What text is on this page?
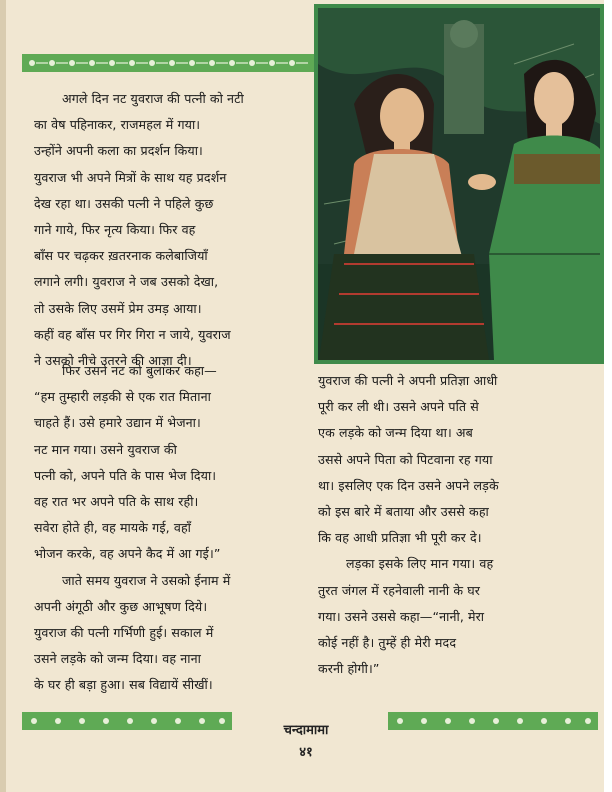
अगले दिन नट युवराज की पत्नी को नटी

का वेष पहिनाकर, राजमहल में गया।

उन्होंने अपनी कला का प्रदर्शन किया।

युवराज भी अपने मित्रों के साथ यह प्रदर्शन

देख रहा था। उसकी पत्नी ने पहिले कुछ

गाने गाये, फिर नृत्य किया। फिर वह

बाँस पर चढ़कर ख़तरनाक कलेबाजियाँ

लगाने लगी। युवराज ने जब उसको देखा,

तो उसके लिए उसमें प्रेम उमड़ आया।

कहीं वह बाँस पर गिर गिरा न जाये, युवराज

ने उसको नीचे उतरने की आज्ञा दी।

फिर उसने नट को बुलाकर कहा—

“हम तुम्हारी लड़की से एक रात मिताना

चाहते हैं। उसे हमारे उद्यान में भेजना।

नट मान गया। उसने युवराज की

पत्नी को, अपने पति के पास भेज दिया।

वह रात भर अपने पति के साथ रही।

सवेरा होते ही, वह मायके गई, वहाँ

भोजन करके, वह अपने कैद में आ गई।”

जाते समय युवराज ने उसको ईनाम में

अपनी अंगूठी और कुछ आभूषण दिये।

युवराज की पत्नी गर्भिणी हुई। सकाल में

उसने लड़के को जन्म दिया। वह नाना

के घर ही बड़ा हुआ। सब विद्यायें सीखीं।

युवराज की पत्नी ने अपनी प्रतिज्ञा आधी

पूरी कर ली थी। उसने अपने पति से

एक लड़के को जन्म दिया था। अब

उससे अपने पिता को पिटवाना रह गया

था। इसलिए एक दिन उसने अपने लड़के

को इस बारे में बताया और उससे कहा

कि वह आधी प्रतिज्ञा भी पूरी कर दे।

लड़का इसके लिए मान गया। वह

तुरत जंगल में रहनेवाली नानी के घर

गया। उसने उससे कहा—“नानी, मेरा

कोई नहीं है। तुम्हें ही मेरी मदद

करनी होगी।”

चन्दामामा
४१
